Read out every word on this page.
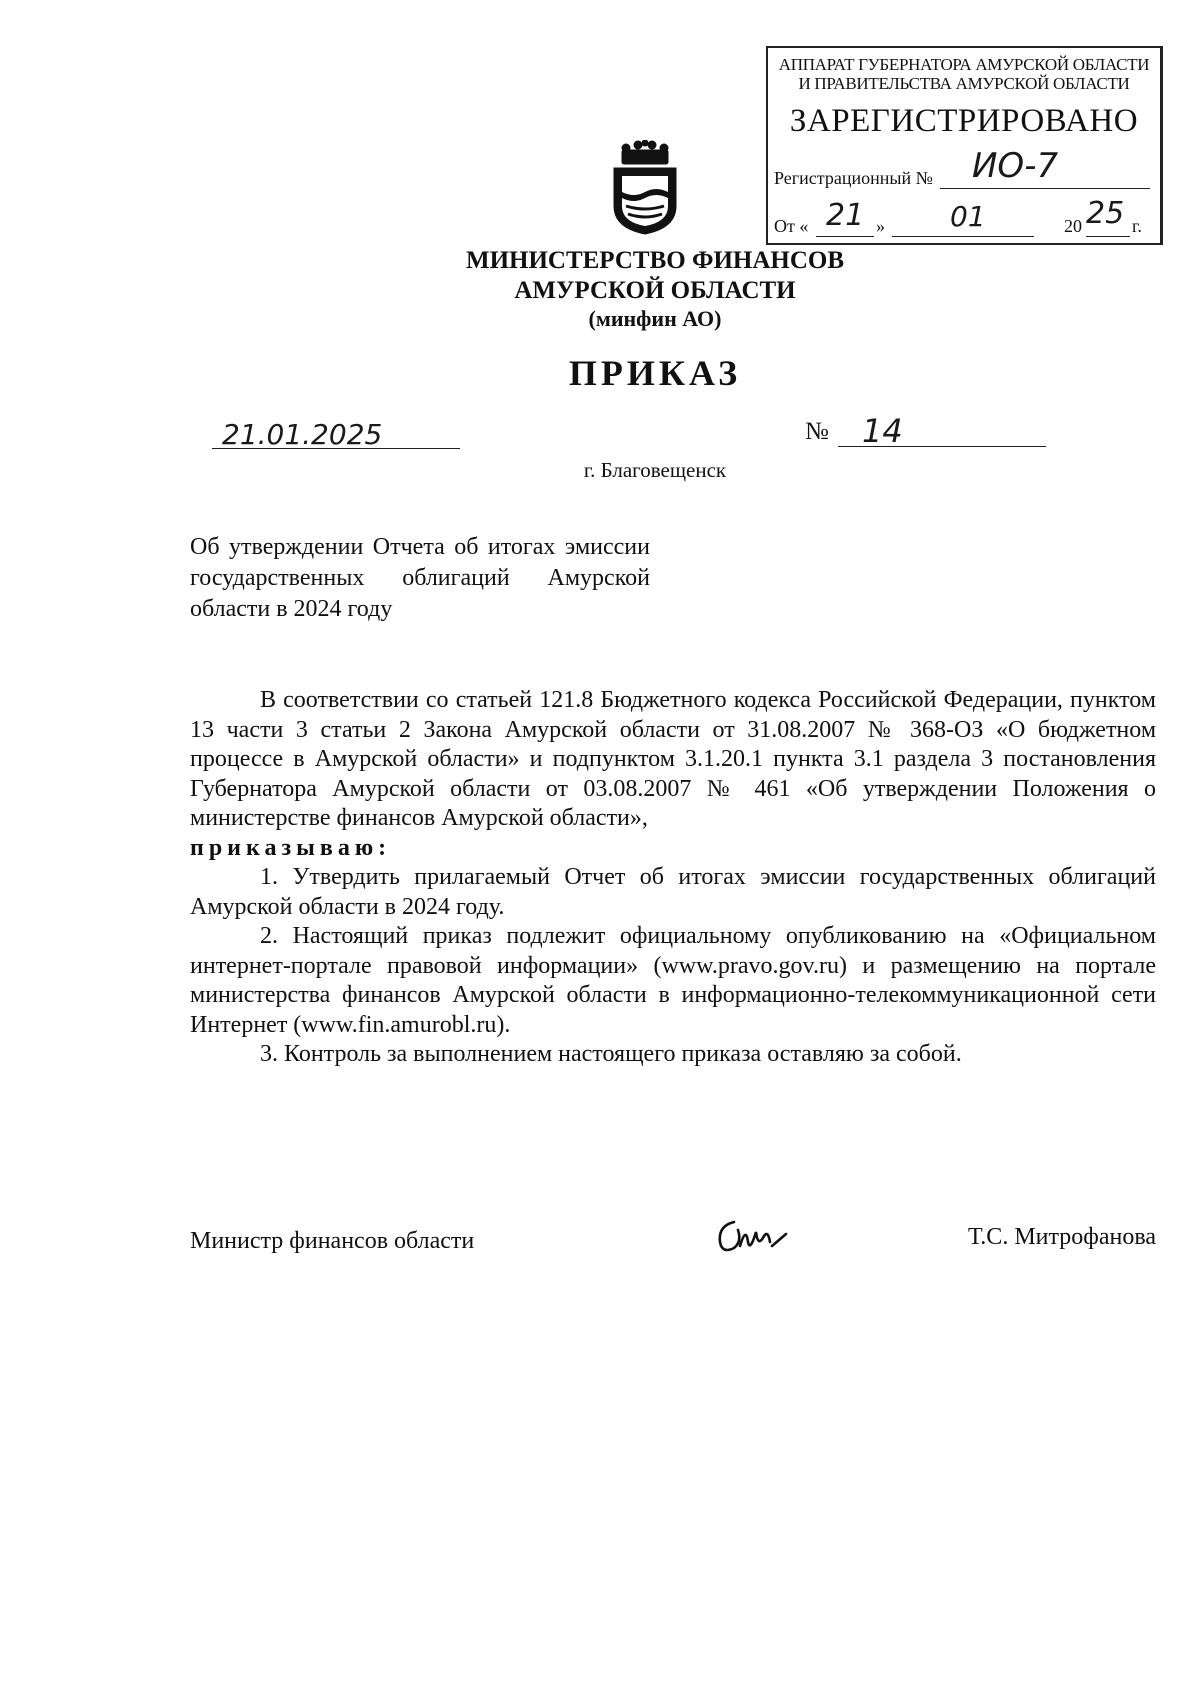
АППАРАТ ГУБЕРНАТОРА АМУРСКОЙ ОБЛАСТИ
И ПРАВИТЕЛЬСТВА АМУРСКОЙ ОБЛАСТИ
ЗАРЕГИСТРИРОВАНО
Регистрационный № ИО-7
От « 21 » 01	20 25 г.
МИНИСТЕРСТВО ФИНАНСОВ
АМУРСКОЙ ОБЛАСТИ
(минфин АО)
ПРИКАЗ
21.01.2025	№ 14
г. Благовещенск
Об утверждении Отчета об итогах эмиссии государственных облигаций Амурской области в 2024 году

В соответствии со статьей 121.8 Бюджетного кодекса Российской Федерации, пунктом 13 части 3 статьи 2 Закона Амурской области от 31.08.2007 № 368-ОЗ «О бюджетном процессе в Амурской области» и подпунктом 3.1.20.1 пункта 3.1 раздела 3 постановления Губернатора Амурской области от 03.08.2007 № 461 «Об утверждении Положения о министерстве финансов Амурской области»,

приказываю:

1. Утвердить прилагаемый Отчет об итогах эмиссии государственных облигаций Амурской области в 2024 году.

2. Настоящий приказ подлежит официальному опубликованию на «Официальном интернет-портале правовой информации» (www.pravo.gov.ru) и размещению на портале министерства финансов Амурской области в информационно-телекоммуникационной сети Интернет (www.fin.amurobl.ru).

3. Контроль за выполнением настоящего приказа оставляю за собой.

Министр финансов области	Т.С. Митрофанова
